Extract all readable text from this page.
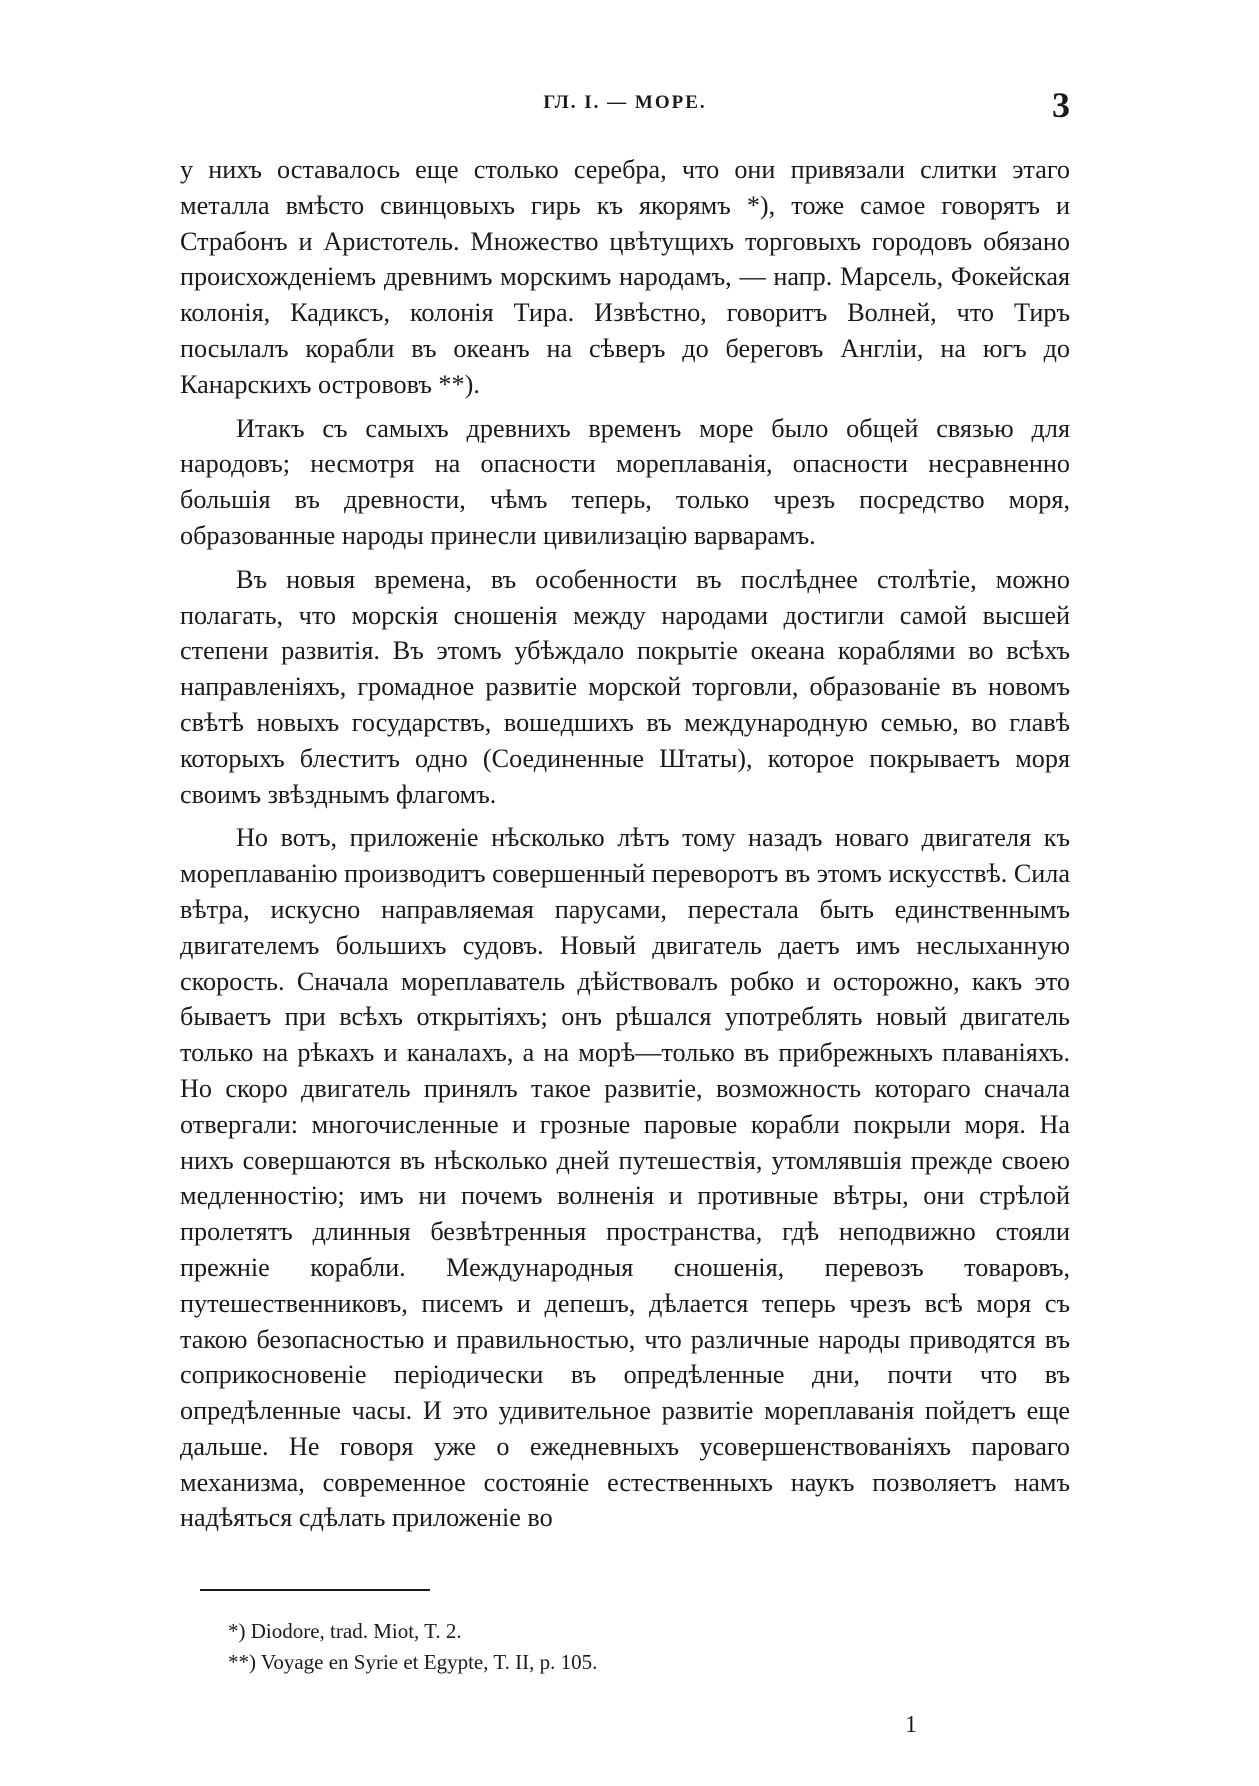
ГЛ. I. — МОРЕ.	3

у нихъ оставалось еще столько серебра, что они привязали слитки этаго металла вмѣсто свинцовыхъ гирь къ якорямъ *), тоже самое говорятъ и Страбонъ и Аристотель. Множество цвѣтущихъ торговыхъ городовъ обязано происхожденіемъ древнимъ морскимъ народамъ, — напр. Марсель, Фокейская колонія, Кадиксъ, колонія Тира. Извѣстно, говоритъ Волней, что Тиръ посылалъ корабли въ океанъ на сѣверъ до береговъ Англіи, на югъ до Канарскихъ острововъ **).

Итакъ съ самыхъ древнихъ временъ море было общей связью для народовъ; несмотря на опасности мореплаванія, опасности несравненно большія въ древности, чѣмъ теперь, только чрезъ посредство моря, образованные народы принесли цивилизацію варварамъ.

Въ новыя времена, въ особенности въ послѣднее столѣтіе, можно полагать, что морскія сношенія между народами достигли самой высшей степени развитія. Въ этомъ убѣждало покрытіе океана кораблями во всѣхъ направленіяхъ, громадное развитіе морской торговли, образованіе въ новомъ свѣтѣ новыхъ государствъ, вошедшихъ въ международную семью, во главѣ которыхъ блеститъ одно (Соединенные Штаты), которое покрываетъ моря своимъ звѣзднымъ флагомъ.

Но вотъ, приложеніе нѣсколько лѣтъ тому назадъ новаго двигателя къ мореплаванію производитъ совершенный переворотъ въ этомъ искусствѣ. Сила вѣтра, искусно направляемая парусами, перестала быть единственнымъ двигателемъ большихъ судовъ. Новый двигатель даетъ имъ неслыханную скорость. Сначала мореплаватель дѣйствовалъ робко и осторожно, какъ это бываетъ при всѣхъ открытіяхъ; онъ рѣшался употреблять новый двигатель только на рѣкахъ и каналахъ, а на морѣ—только въ прибрежныхъ плаваніяхъ. Но скоро двигатель принялъ такое развитіе, возможность котораго сначала отвергали: многочисленные и грозные паровые корабли покрыли моря. На нихъ совершаются въ нѣсколько дней путешествія, утомлявшія прежде своею медленностію; имъ ни почемъ волненія и противные вѣтры, они стрѣлой пролетятъ длинныя безвѣтренныя пространства, гдѣ неподвижно стояли прежніе корабли. Международныя сношенія, перевозъ товаровъ, путешественниковъ, писемъ и депешъ, дѣлается теперь чрезъ всѣ моря съ такою безопасностью и правильностью, что различные народы приводятся въ соприкосновеніе періодически въ опредѣленные дни, почти что въ опредѣленные часы. И это удивительное развитіе мореплаванія пойдетъ еще дальше. Не говоря уже о ежедневныхъ усовершенствованіяхъ пароваго механизма, современное состояніе естественныхъ наукъ позволяетъ намъ надѣяться сдѣлать приложеніе во

*) Diodore, trad. Miot, T. 2.
**) Voyage en Syrie et Egypte, T. II, p. 105.
1
